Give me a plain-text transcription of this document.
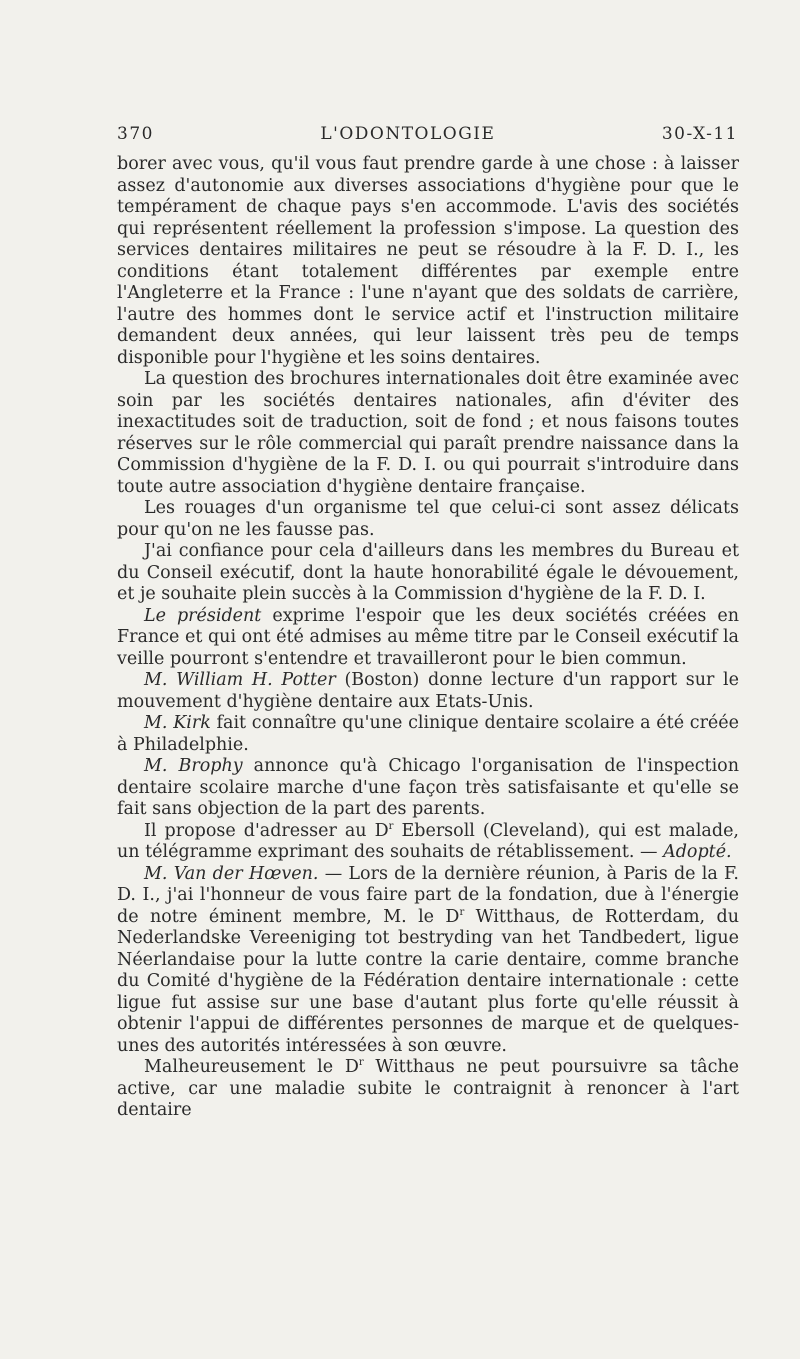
370	L'ODONTOLOGIE	30-X-11

borer avec vous, qu'il vous faut prendre garde à une chose : à laisser assez d'autonomie aux diverses associations d'hygiène pour que le tempérament de chaque pays s'en accommode. L'avis des sociétés qui représentent réellement la profession s'impose. La question des services dentaires militaires ne peut se résoudre à la F. D. I., les conditions étant totalement différentes par exemple entre l'Angleterre et la France : l'une n'ayant que des soldats de carrière, l'autre des hommes dont le service actif et l'instruction militaire demandent deux années, qui leur laissent très peu de temps disponible pour l'hygiène et les soins dentaires.

La question des brochures internationales doit être examinée avec soin par les sociétés dentaires nationales, afin d'éviter des inexactitudes soit de traduction, soit de fond ; et nous faisons toutes réserves sur le rôle commercial qui paraît prendre naissance dans la Commission d'hygiène de la F. D. I. ou qui pourrait s'introduire dans toute autre association d'hygiène dentaire française.

Les rouages d'un organisme tel que celui-ci sont assez délicats pour qu'on ne les fausse pas.

J'ai confiance pour cela d'ailleurs dans les membres du Bureau et du Conseil exécutif, dont la haute honorabilité égale le dévouement, et je souhaite plein succès à la Commission d'hygiène de la F. D. I.

Le président exprime l'espoir que les deux sociétés créées en France et qui ont été admises au même titre par le Conseil exécutif la veille pourront s'entendre et travailleront pour le bien commun.

M. William H. Potter (Boston) donne lecture d'un rapport sur le mouvement d'hygiène dentaire aux Etats-Unis.

M. Kirk fait connaître qu'une clinique dentaire scolaire a été créée à Philadelphie.

M. Brophy annonce qu'à Chicago l'organisation de l'inspection dentaire scolaire marche d'une façon très satisfaisante et qu'elle se fait sans objection de la part des parents.

Il propose d'adresser au $D^r$ Ebersoll (Cleveland), qui est malade, un télégramme exprimant des souhaits de rétablissement. — Adopté.

M. Van der Hœven. — Lors de la dernière réunion, à Paris de la F. D. I., j'ai l'honneur de vous faire part de la fondation, due à l'énergie de notre éminent membre, M. le $D^r$ Witthaus, de Rotterdam, du Nederlandske Vereeniging tot bestryding van het Tandbedert, ligue Néerlandaise pour la lutte contre la carie dentaire, comme branche du Comité d'hygiène de la Fédération dentaire internationale : cette ligue fut assise sur une base d'autant plus forte qu'elle réussit à obtenir l'appui de différentes personnes de marque et de quelques-unes des autorités intéressées à son œuvre.

Malheureusement le $D^r$ Witthaus ne peut poursuivre sa tâche active, car une maladie subite le contraignit à renoncer à l'art dentaire
